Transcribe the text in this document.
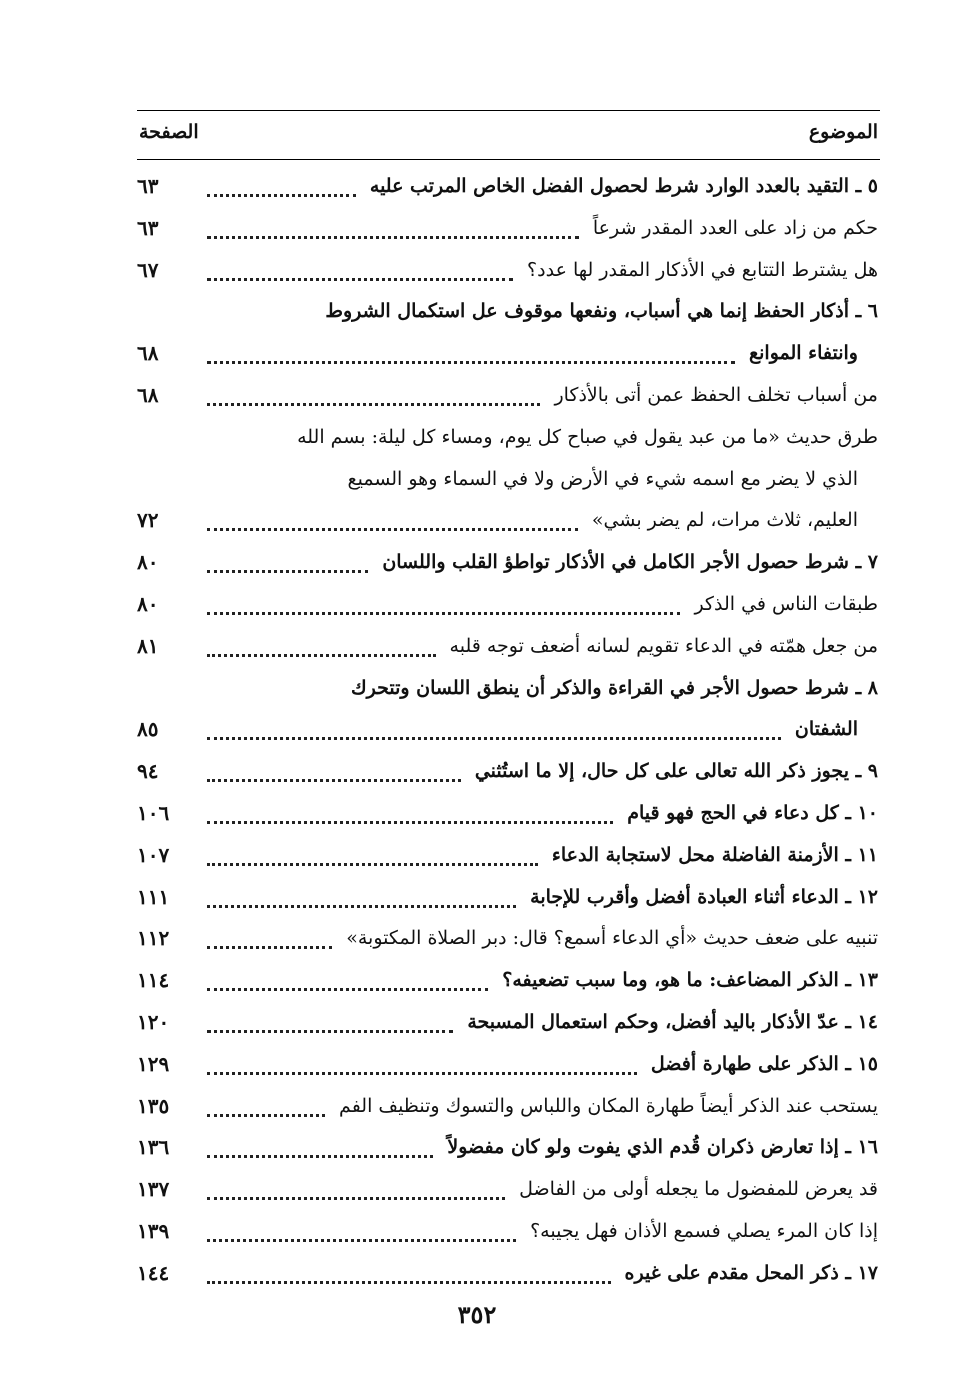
الموضوع
الصفحة
٥ ـ التقيد بالعدد الوارد شرط لحصول الفضل الخاص المرتب عليه
٦٣
حكم من زاد على العدد المقدر شرعاً
٦٣
هل يشترط التتابع في الأذكار المقدر لها عدد؟
٦٧
٦ ـ أذكار الحفظ إنما هي أسباب، ونفعها موقوف عل استكمال الشروط
وانتفاء الموانع
٦٨
من أسباب تخلف الحفظ عمن أتى بالأذكار
٦٨
طرق حديث «ما من عبد يقول في صباح كل يوم، ومساء كل ليلة: بسم الله
الذي لا يضر مع اسمه شيء في الأرض ولا في السماء وهو السميع
العليم، ثلاث مرات، لم يضر بشي»
٧٢
٧ ـ شرط حصول الأجر الكامل في الأذكار تواطؤ القلب واللسان
٨٠
طبقات الناس في الذكر
٨٠
من جعل همّته في الدعاء تقويم لسانه أضعف توجه قلبه
٨١
٨ ـ شرط حصول الأجر في القراءة والذكر أن ينطق اللسان وتتحرك
الشفتان
٨٥
٩ ـ يجوز ذكر الله تعالى على كل حال، إلا ما استُثني
٩٤
١٠ ـ كل دعاء في الحج فهو قيام
١٠٦
١١ ـ الأزمنة الفاضلة محل لاستجابة الدعاء
١٠٧
١٢ ـ الدعاء أثناء العبادة أفضل وأقرب للإجابة
١١١
تنبيه على ضعف حديث «أي الدعاء أسمع؟ قال: دبر الصلاة المكتوبة»
١١٢
١٣ ـ الذكر المضاعف: ما هو، وما سبب تضعيفه؟
١١٤
١٤ ـ عدّ الأذكار باليد أفضل، وحكم استعمال المسبحة
١٢٠
١٥ ـ الذكر على طهارة أفضل
١٢٩
يستحب عند الذكر أيضاً طهارة المكان واللباس والتسوك وتنظيف الفم
١٣٥
١٦ ـ إذا تعارض ذكران قُدم الذي يفوت ولو كان مفضولاً
١٣٦
قد يعرض للمفضول ما يجعله أولى من الفاضل
١٣٧
إذا كان المرء يصلي فسمع الأذان فهل يجيبه؟
١٣٩
١٧ ـ ذكر المحل مقدم على غيره
١٤٤
٣٥٢
